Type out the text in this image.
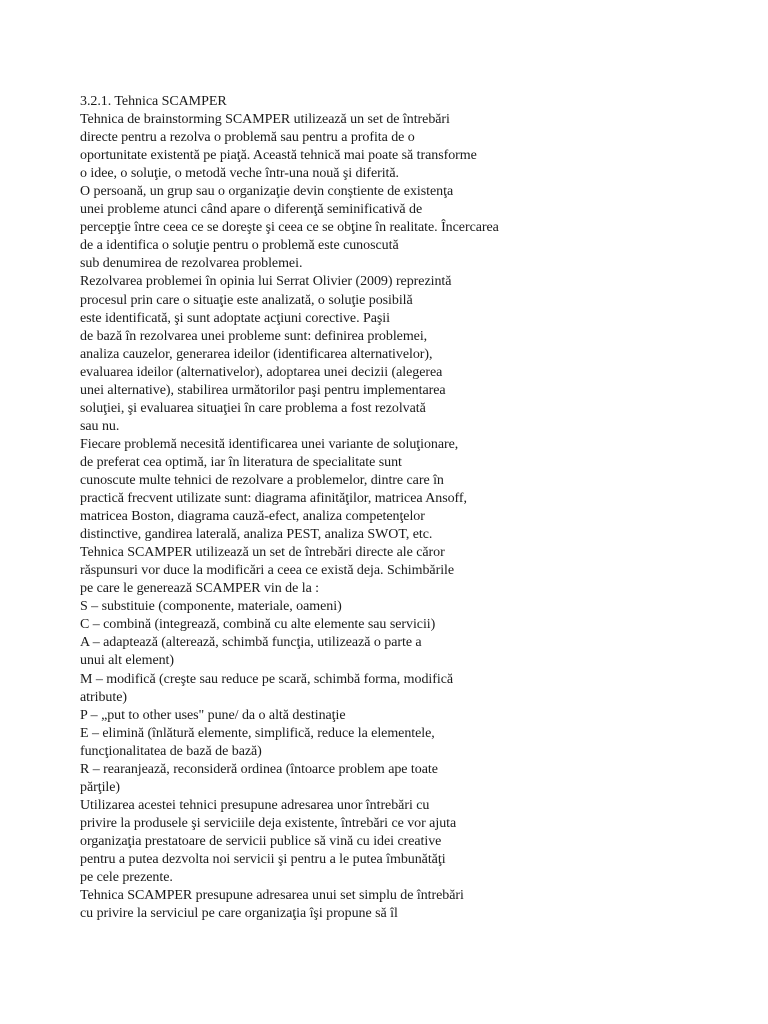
3.2.1. Tehnica SCAMPER
Tehnica de brainstorming SCAMPER utilizează un set de întrebări
directe pentru a rezolva o problemă sau pentru a profita de o
oportunitate existentă pe piaţă. Această tehnică mai poate să transforme
o idee, o soluţie, o metodă veche într-una nouă şi diferită.
O persoană, un grup sau o organizaţie devin conştiente de existenţa
unei probleme atunci când apare o diferenţă seminificativă de
percepţie între ceea ce se doreşte şi ceea ce se obţine în realitate. Încercarea
de a identifica o soluţie pentru o problemă este cunoscută
sub denumirea de rezolvarea problemei.
Rezolvarea problemei în opinia lui Serrat Olivier (2009) reprezintă
procesul prin care o situaţie este analizată, o soluţie posibilă
este identificată, şi sunt adoptate acţiuni corective. Paşii
de bază în rezolvarea unei probleme sunt: definirea problemei,
analiza cauzelor, generarea ideilor (identificarea alternativelor),
evaluarea ideilor (alternativelor), adoptarea unei decizii (alegerea
unei alternative), stabilirea următorilor paşi pentru implementarea
soluţiei, şi evaluarea situaţiei în care problema a fost rezolvată
sau nu.
Fiecare problemă necesită identificarea unei variante de soluţionare,
de preferat cea optimă, iar în literatura de specialitate sunt
cunoscute multe tehnici de rezolvare a problemelor, dintre care în
practică frecvent utilizate sunt: diagrama afinităţilor, matricea Ansoff,
matricea Boston, diagrama cauză-efect, analiza competenţelor
distinctive, gandirea laterală, analiza PEST, analiza SWOT, etc.
Tehnica SCAMPER utilizează un set de întrebări directe ale căror
răspunsuri vor duce la modificări a ceea ce există deja. Schimbările
pe care le generează SCAMPER vin de la :
S – substituie (componente, materiale, oameni)
C – combină (integrează, combină cu alte elemente sau servicii)
A – adaptează (alterează, schimbă funcţia, utilizează o parte a
unui alt element)
M – modifică (creşte sau reduce pe scară, schimbă forma, modifică
atribute)
P – „put to other uses" pune/ da o altă destinaţie
E – elimină (înlătură elemente, simplifică, reduce la elementele,
funcţionalitatea de bază de bază)
R – rearanjează, reconsideră ordinea (întoarce problem ape toate
părţile)
Utilizarea acestei tehnici presupune adresarea unor întrebări cu
privire la produsele şi serviciile deja existente, întrebări ce vor ajuta
organizaţia prestatoare de servicii publice să vină cu idei creative
pentru a putea dezvolta noi servicii şi pentru a le putea îmbunătăţi
pe cele prezente.
Tehnica SCAMPER presupune adresarea unui set simplu de întrebări
cu privire la serviciul pe care organizaţia îşi propune să îl
